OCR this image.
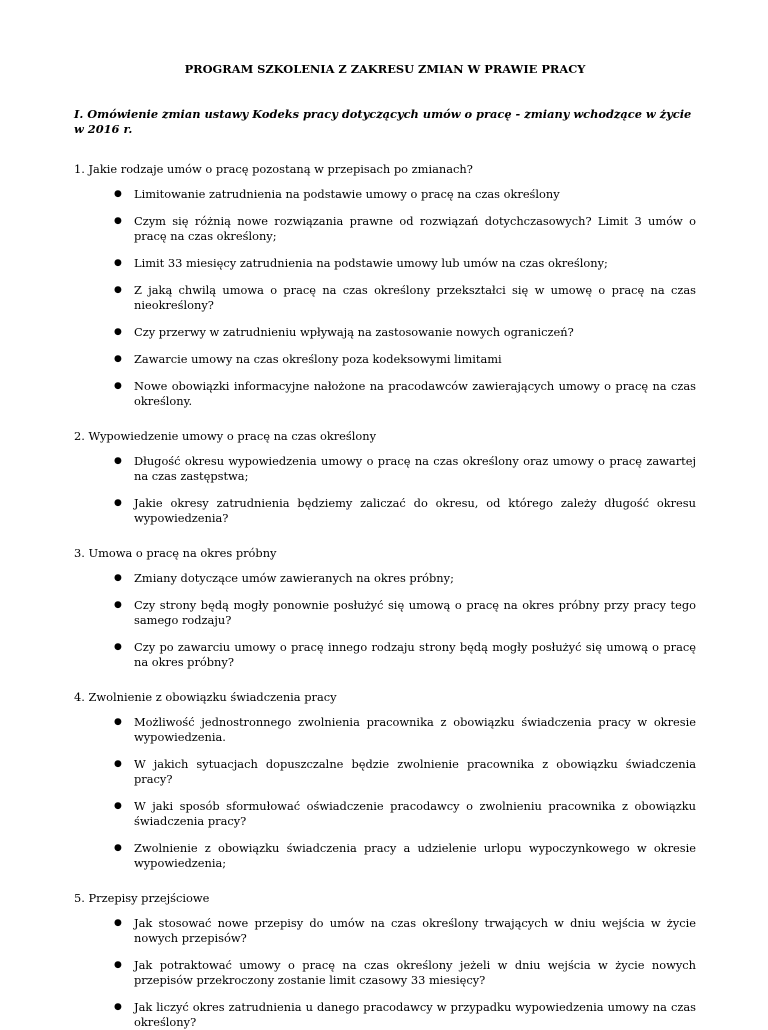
PROGRAM SZKOLENIA Z ZAKRESU ZMIAN W PRAWIE PRACY
I. Omówienie zmian ustawy Kodeks pracy dotyczących umów o pracę - zmiany wchodzące w życie w 2016 r.
1. Jakie rodzaje umów o pracę pozostaną w przepisach po zmianach?
● Limitowanie zatrudnienia na podstawie umowy o pracę na czas określony
● Czym się różnią nowe rozwiązania prawne od rozwiązań dotychczasowych? Limit 3 umów o pracę na czas określony;
● Limit 33 miesięcy zatrudnienia na podstawie umowy lub umów na czas określony;
● Z jaką chwilą umowa o pracę na czas określony przekształci się w umowę o pracę na czas nieokreślony?
● Czy przerwy w zatrudnieniu wpływają na zastosowanie nowych ograniczeń?
● Zawarcie umowy na czas określony poza kodeksowymi limitami
● Nowe obowiązki informacyjne nałożone na pracodawców zawierających umowy o pracę na czas określony.
2. Wypowiedzenie umowy o pracę na czas określony
● Długość okresu wypowiedzenia umowy o pracę na czas określony oraz umowy o pracę zawartej na czas zastępstwa;
● Jakie okresy zatrudnienia będziemy zaliczać do okresu, od którego zależy długość okresu wypowiedzenia?
3. Umowa o pracę na okres próbny
● Zmiany dotyczące umów zawieranych na okres próbny;
● Czy strony będą mogły ponownie posłużyć się umową o pracę na okres próbny przy pracy tego samego rodzaju?
● Czy po zawarciu umowy o pracę innego rodzaju strony będą mogły posłużyć się umową o pracę na okres próbny?
4. Zwolnienie z obowiązku świadczenia pracy
● Możliwość jednostronnego zwolnienia pracownika z obowiązku świadczenia pracy w okresie wypowiedzenia.
● W jakich sytuacjach dopuszczalne będzie zwolnienie pracownika z obowiązku świadczenia pracy?
● W jaki sposób sformułować oświadczenie pracodawcy o zwolnieniu pracownika z obowiązku świadczenia pracy?
● Zwolnienie z obowiązku świadczenia pracy a udzielenie urlopu wypoczynkowego w okresie wypowiedzenia;
5. Przepisy przejściowe
● Jak stosować nowe przepisy do umów na czas określony trwających w dniu wejścia w życie nowych przepisów?
● Jak potraktować umowy o pracę na czas określony jeżeli w dniu wejścia w życie nowych przepisów przekroczony zostanie limit czasowy 33 miesięcy?
● Jak liczyć okres zatrudnienia u danego pracodawcy w przypadku wypowiedzenia umowy na czas określony?
